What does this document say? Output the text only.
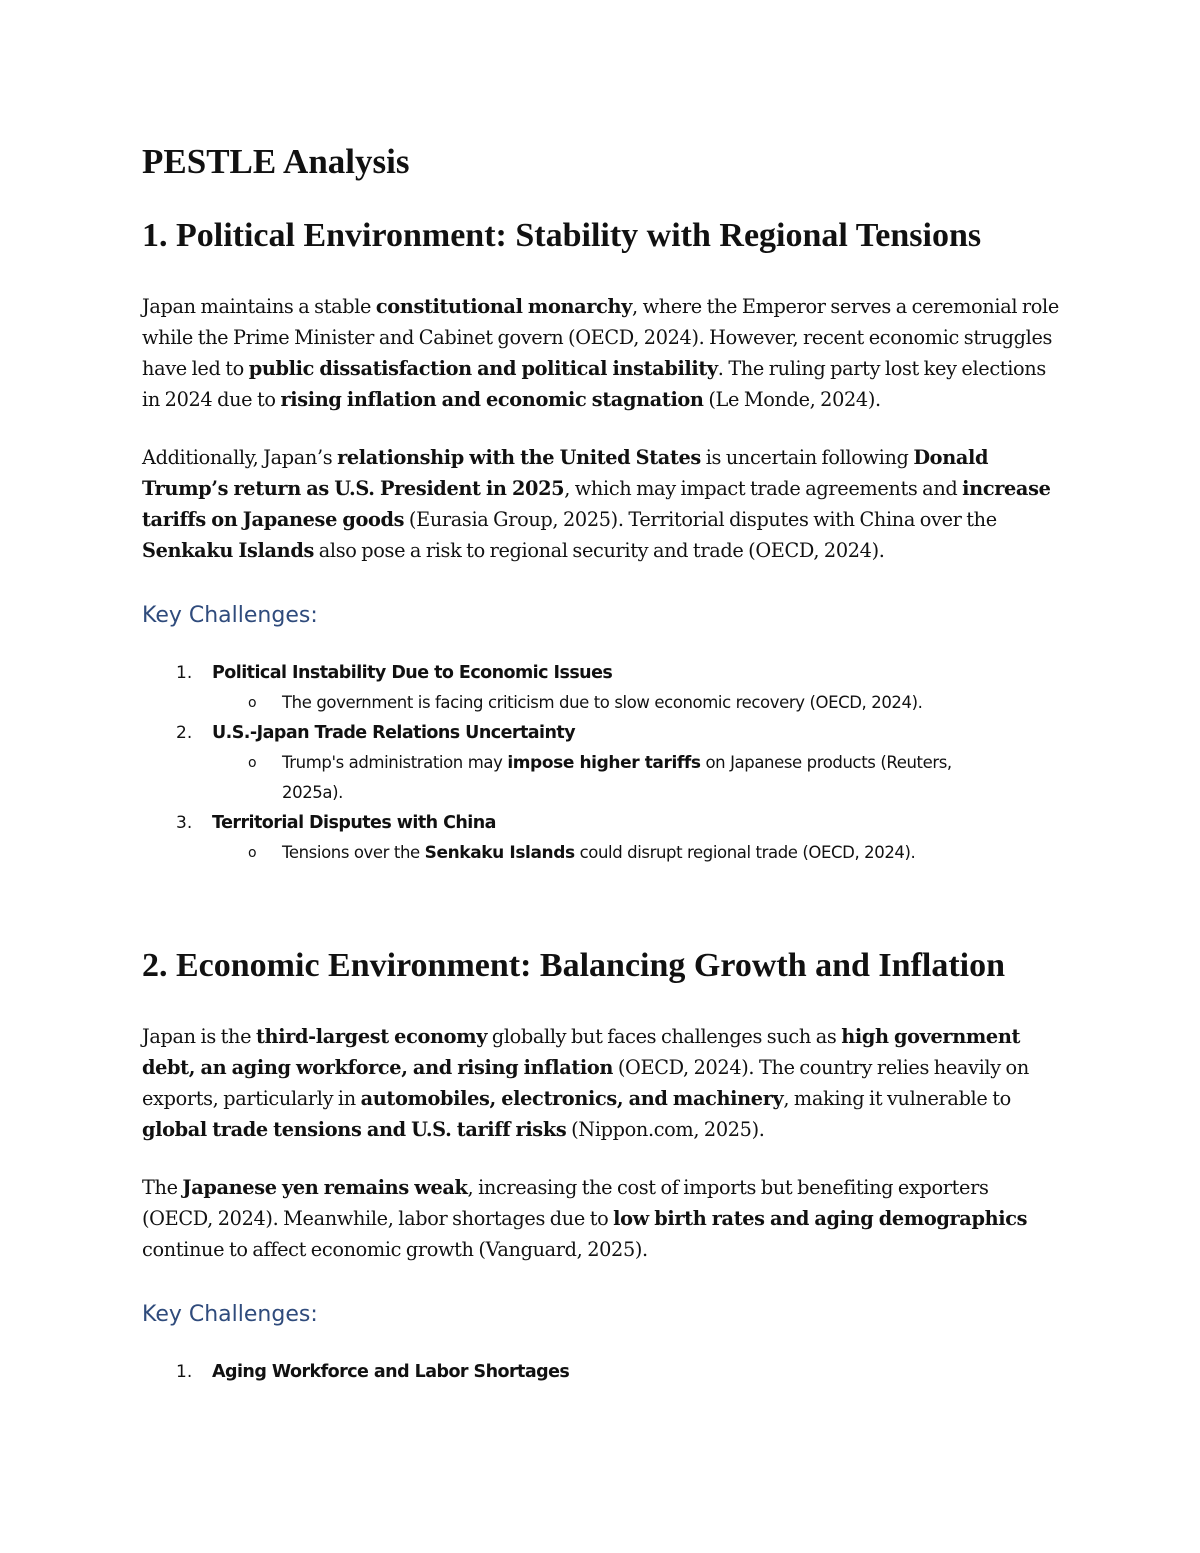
PESTLE Analysis
1. Political Environment: Stability with Regional Tensions

Japan maintains a stable constitutional monarchy, where the Emperor serves a ceremonial role while the Prime Minister and Cabinet govern (OECD, 2024). However, recent economic struggles have led to public dissatisfaction and political instability. The ruling party lost key elections in 2024 due to rising inflation and economic stagnation (Le Monde, 2024).

Additionally, Japan’s relationship with the United States is uncertain following Donald Trump’s return as U.S. President in 2025, which may impact trade agreements and increase tariffs on Japanese goods (Eurasia Group, 2025). Territorial disputes with China over the Senkaku Islands also pose a risk to regional security and trade (OECD, 2024).

Key Challenges:
1. Political Instability Due to Economic Issues
o The government is facing criticism due to slow economic recovery (OECD, 2024).
2. U.S.-Japan Trade Relations Uncertainty
o Trump's administration may impose higher tariffs on Japanese products (Reuters, 2025a).
3. Territorial Disputes with China
o Tensions over the Senkaku Islands could disrupt regional trade (OECD, 2024).
2. Economic Environment: Balancing Growth and Inflation

Japan is the third-largest economy globally but faces challenges such as high government debt, an aging workforce, and rising inflation (OECD, 2024). The country relies heavily on exports, particularly in automobiles, electronics, and machinery, making it vulnerable to global trade tensions and U.S. tariff risks (Nippon.com, 2025).

The Japanese yen remains weak, increasing the cost of imports but benefiting exporters (OECD, 2024). Meanwhile, labor shortages due to low birth rates and aging demographics continue to affect economic growth (Vanguard, 2025).

Key Challenges:
1. Aging Workforce and Labor Shortages
